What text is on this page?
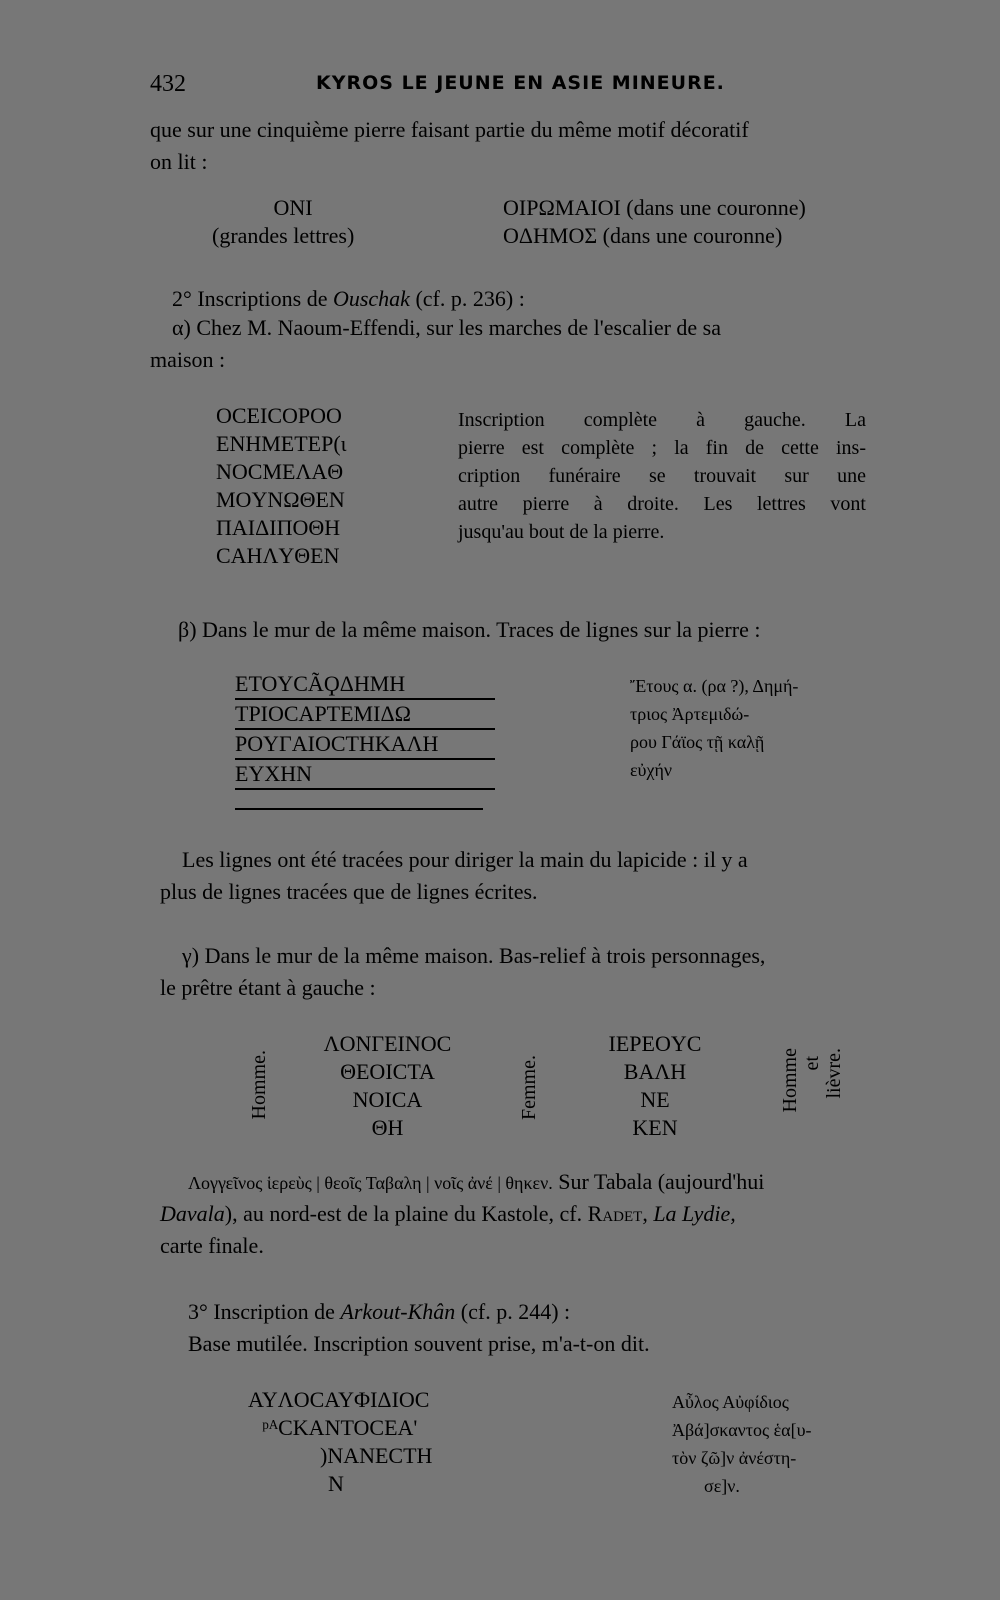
432	KYROS LE JEUNE EN ASIE MINEURE.
que sur une cinquième pierre faisant partie du même motif décoratif
on lit :
ONI
(grandes lettres)
OIPΩMAIOI (dans une couronne)
OΔHMOΣ (dans une couronne)
2° Inscriptions de Ouschak (cf. p. 236) :
α) Chez M. Naoum-Effendi, sur les marches de l'escalier de sa
maison :
OCEICOPOO
ENHMETEP(ι
NOCMEΛAΘ
MOYNΩΘEN
ΠAIΔIΠOΘH
CAHΛYΘEN
Inscription complète à gauche. La
pierre est complète ; la fin de cette ins-
cription funéraire se trouvait sur une
autre pierre à droite. Les lettres vont
jusqu'au bout de la pierre.
β) Dans le mur de la même maison. Traces de lignes sur la pierre :
ETOYCÃϘΔHMH
TPIOCAPTEMIΔΩ
POYΓAIOCTHKAΛH
EYXHN
Ἔτους α. (ρα ?), Δημή-
τριος Ἀρτεμιδώ-
ρου Γάϊος τῇ καλῇ
εὐχήν
Les lignes ont été tracées pour diriger la main du lapicide : il y a
plus de lignes tracées que de lignes écrites.
γ) Dans le mur de la même maison. Bas-relief à trois personnages,
le prêtre étant à gauche :
Homme.
ΛONΓEINOC
ΘEOICTA
NOICA
ΘH
Femme.
IEPEOYC
BAΛH
NE
KEN
Homme et lièvre.
Λογγεῖνος ἱερεὺς | θεοῖς Ταβαλη | νοῖς ἀνέ | θηκεν. Sur Tabala (aujourd'hui
Davala), au nord-est de la plaine du Kastole, cf. Radet, La Lydie,
carte finale.
3° Inscription de Arkout-Khân (cf. p. 244) :
Base mutilée. Inscription souvent prise, m'a-t-on dit.
AYΛOCAYΦIΔIOC
ᵖᴬCKANTOCEA'
)NANECTH
N
Αὖλος Αὐφίδιος
Ἀβά]σκαντος ἑα[υ-
τὸν ζῶ]ν ἀνέστη-
σε]ν.
